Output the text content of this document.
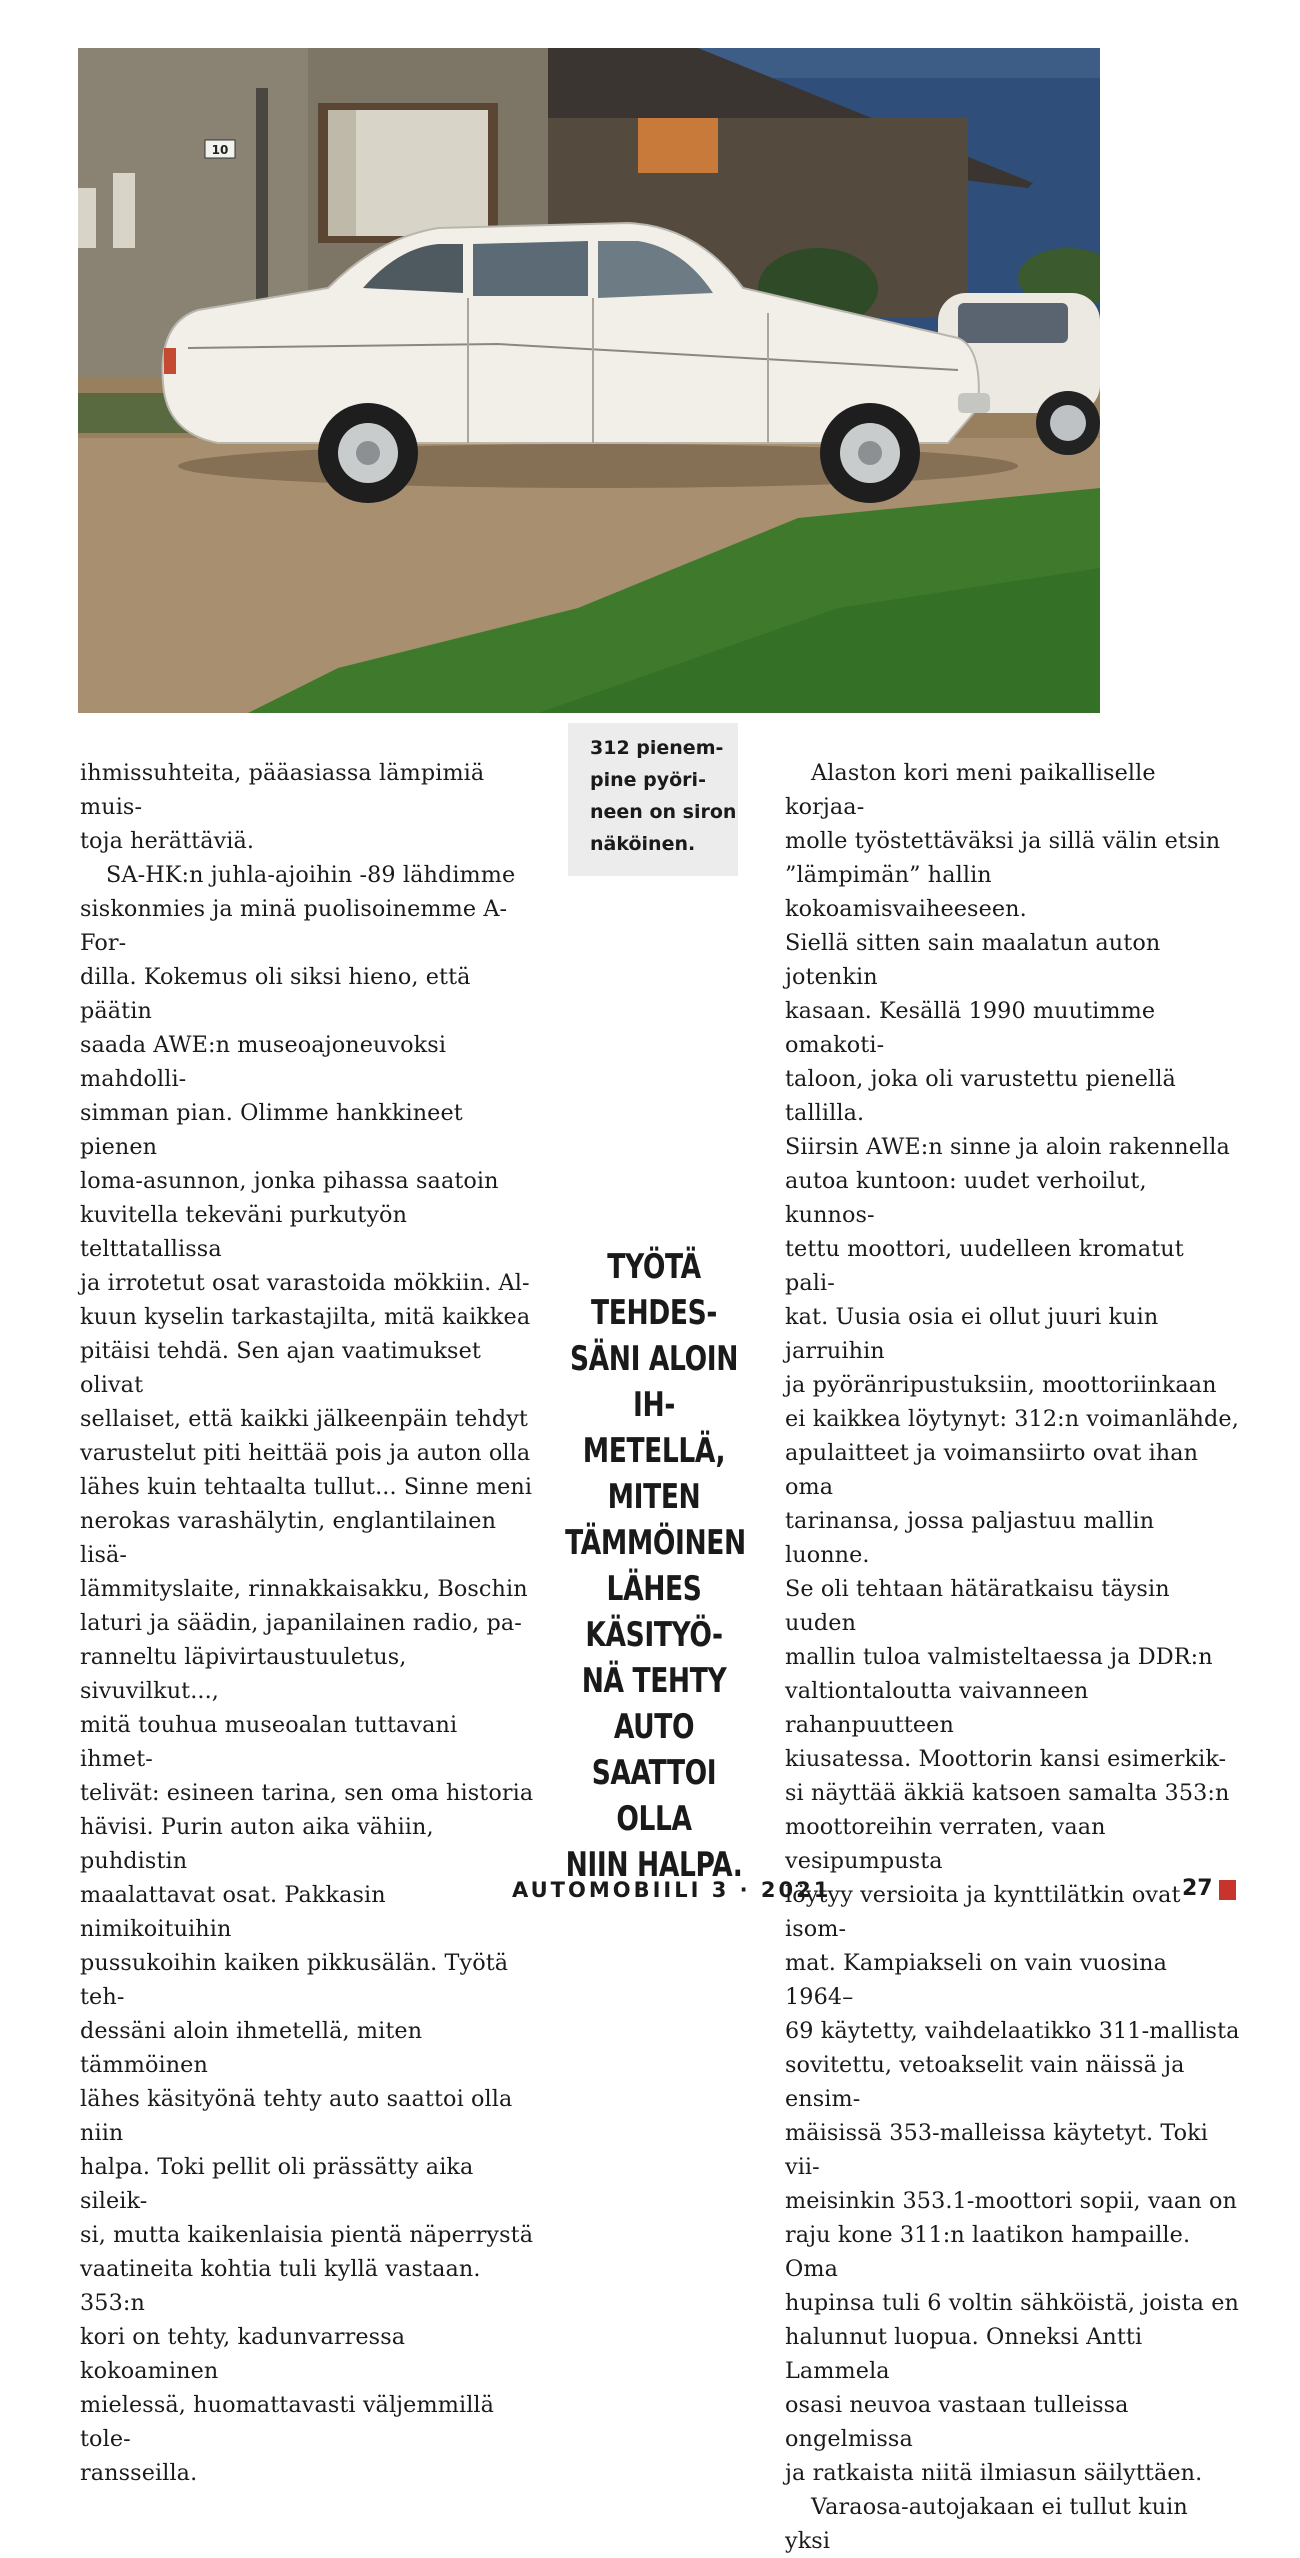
10
312 pienem-
pine pyöri-
neen on siron
näköinen.

ihmissuhteita, pääasiassa lämpimiä muis-

toja herättäviä.

SA-HK:n juhla-ajoihin -89 lähdimme

siskonmies ja minä puolisoinemme A-For-

dilla. Kokemus oli siksi hieno, että päätin

saada AWE:n museoajoneuvoksi mahdolli-

simman pian. Olimme hankkineet pienen

loma-asunnon, jonka pihassa saatoin

kuvitella tekeväni purkutyön telttatallissa

ja irrotetut osat varastoida mökkiin. Al-

kuun kyselin tarkastajilta, mitä kaikkea

pitäisi tehdä. Sen ajan vaatimukset olivat

sellaiset, että kaikki jälkeenpäin tehdyt

varustelut piti heittää pois ja auton olla

lähes kuin tehtaalta tullut... Sinne meni

nerokas varashälytin, englantilainen lisä-

lämmityslaite, rinnakkaisakku, Boschin

laturi ja säädin, japanilainen radio, pa-

ranneltu läpivirtaustuuletus, sivuvilkut...,

mitä touhua museoalan tuttavani ihmet-

telivät: esineen tarina, sen oma historia

hävisi. Purin auton aika vähiin, puhdistin

maalattavat osat. Pakkasin nimikoituihin

pussukoihin kaiken pikkusälän. Työtä teh-

dessäni aloin ihmetellä, miten tämmöinen

lähes käsityönä tehty auto saattoi olla niin

halpa. Toki pellit oli prässätty aika sileik-

si, mutta kaikenlaisia pientä näperrystä

vaatineita kohtia tuli kyllä vastaan. 353:n

kori on tehty, kadunvarressa kokoaminen

mielessä, huomattavasti väljemmillä tole-

ransseilla.

TYÖTÄ TEHDES-
SÄNI ALOIN IH-
METELLÄ, MITEN
TÄMMÖINEN
LÄHES KÄSITYÖ-
NÄ TEHTY AUTO
SAATTOI OLLA
NIIN HALPA.

Alaston kori meni paikalliselle korjaa-

molle työstettäväksi ja sillä välin etsin

”lämpimän” hallin kokoamisvaiheeseen.

Siellä sitten sain maalatun auton jotenkin

kasaan. Kesällä 1990 muutimme omakoti-

taloon, joka oli varustettu pienellä tallilla.

Siirsin AWE:n sinne ja aloin rakennella

autoa kuntoon: uudet verhoilut, kunnos-

tettu moottori, uudelleen kromatut pali-

kat. Uusia osia ei ollut juuri kuin jarruihin

ja pyöränripustuksiin, moottoriinkaan

ei kaikkea löytynyt: 312:n voimanlähde,

apulaitteet ja voimansiirto ovat ihan oma

tarinansa, jossa paljastuu mallin luonne.

Se oli tehtaan hätäratkaisu täysin uuden

mallin tuloa valmisteltaessa ja DDR:n

valtiontaloutta vaivanneen rahanpuutteen

kiusatessa. Moottorin kansi esimerkik-

si näyttää äkkiä katsoen samalta 353:n

moottoreihin verraten, vaan vesipumpusta

löytyy versioita ja kynttilätkin ovat isom-

mat. Kampiakseli on vain vuosina 1964–

69 käytetty, vaihdelaatikko 311-mallista

sovitettu, vetoakselit vain näissä ja ensim-

mäisissä 353-malleissa käytetyt. Toki vii-

meisinkin 353.1-moottori sopii, vaan on

raju kone 311:n laatikon hampaille. Oma

hupinsa tuli 6 voltin sähköistä, joista en

halunnut luopua. Onneksi Antti Lammela

osasi neuvoa vastaan tulleissa ongelmissa

ja ratkaista niitä ilmiasun säilyttäen.

Varaosa-autojakaan ei tullut kuin yksi

AUTOMOBIILI 3 · 2021	27
